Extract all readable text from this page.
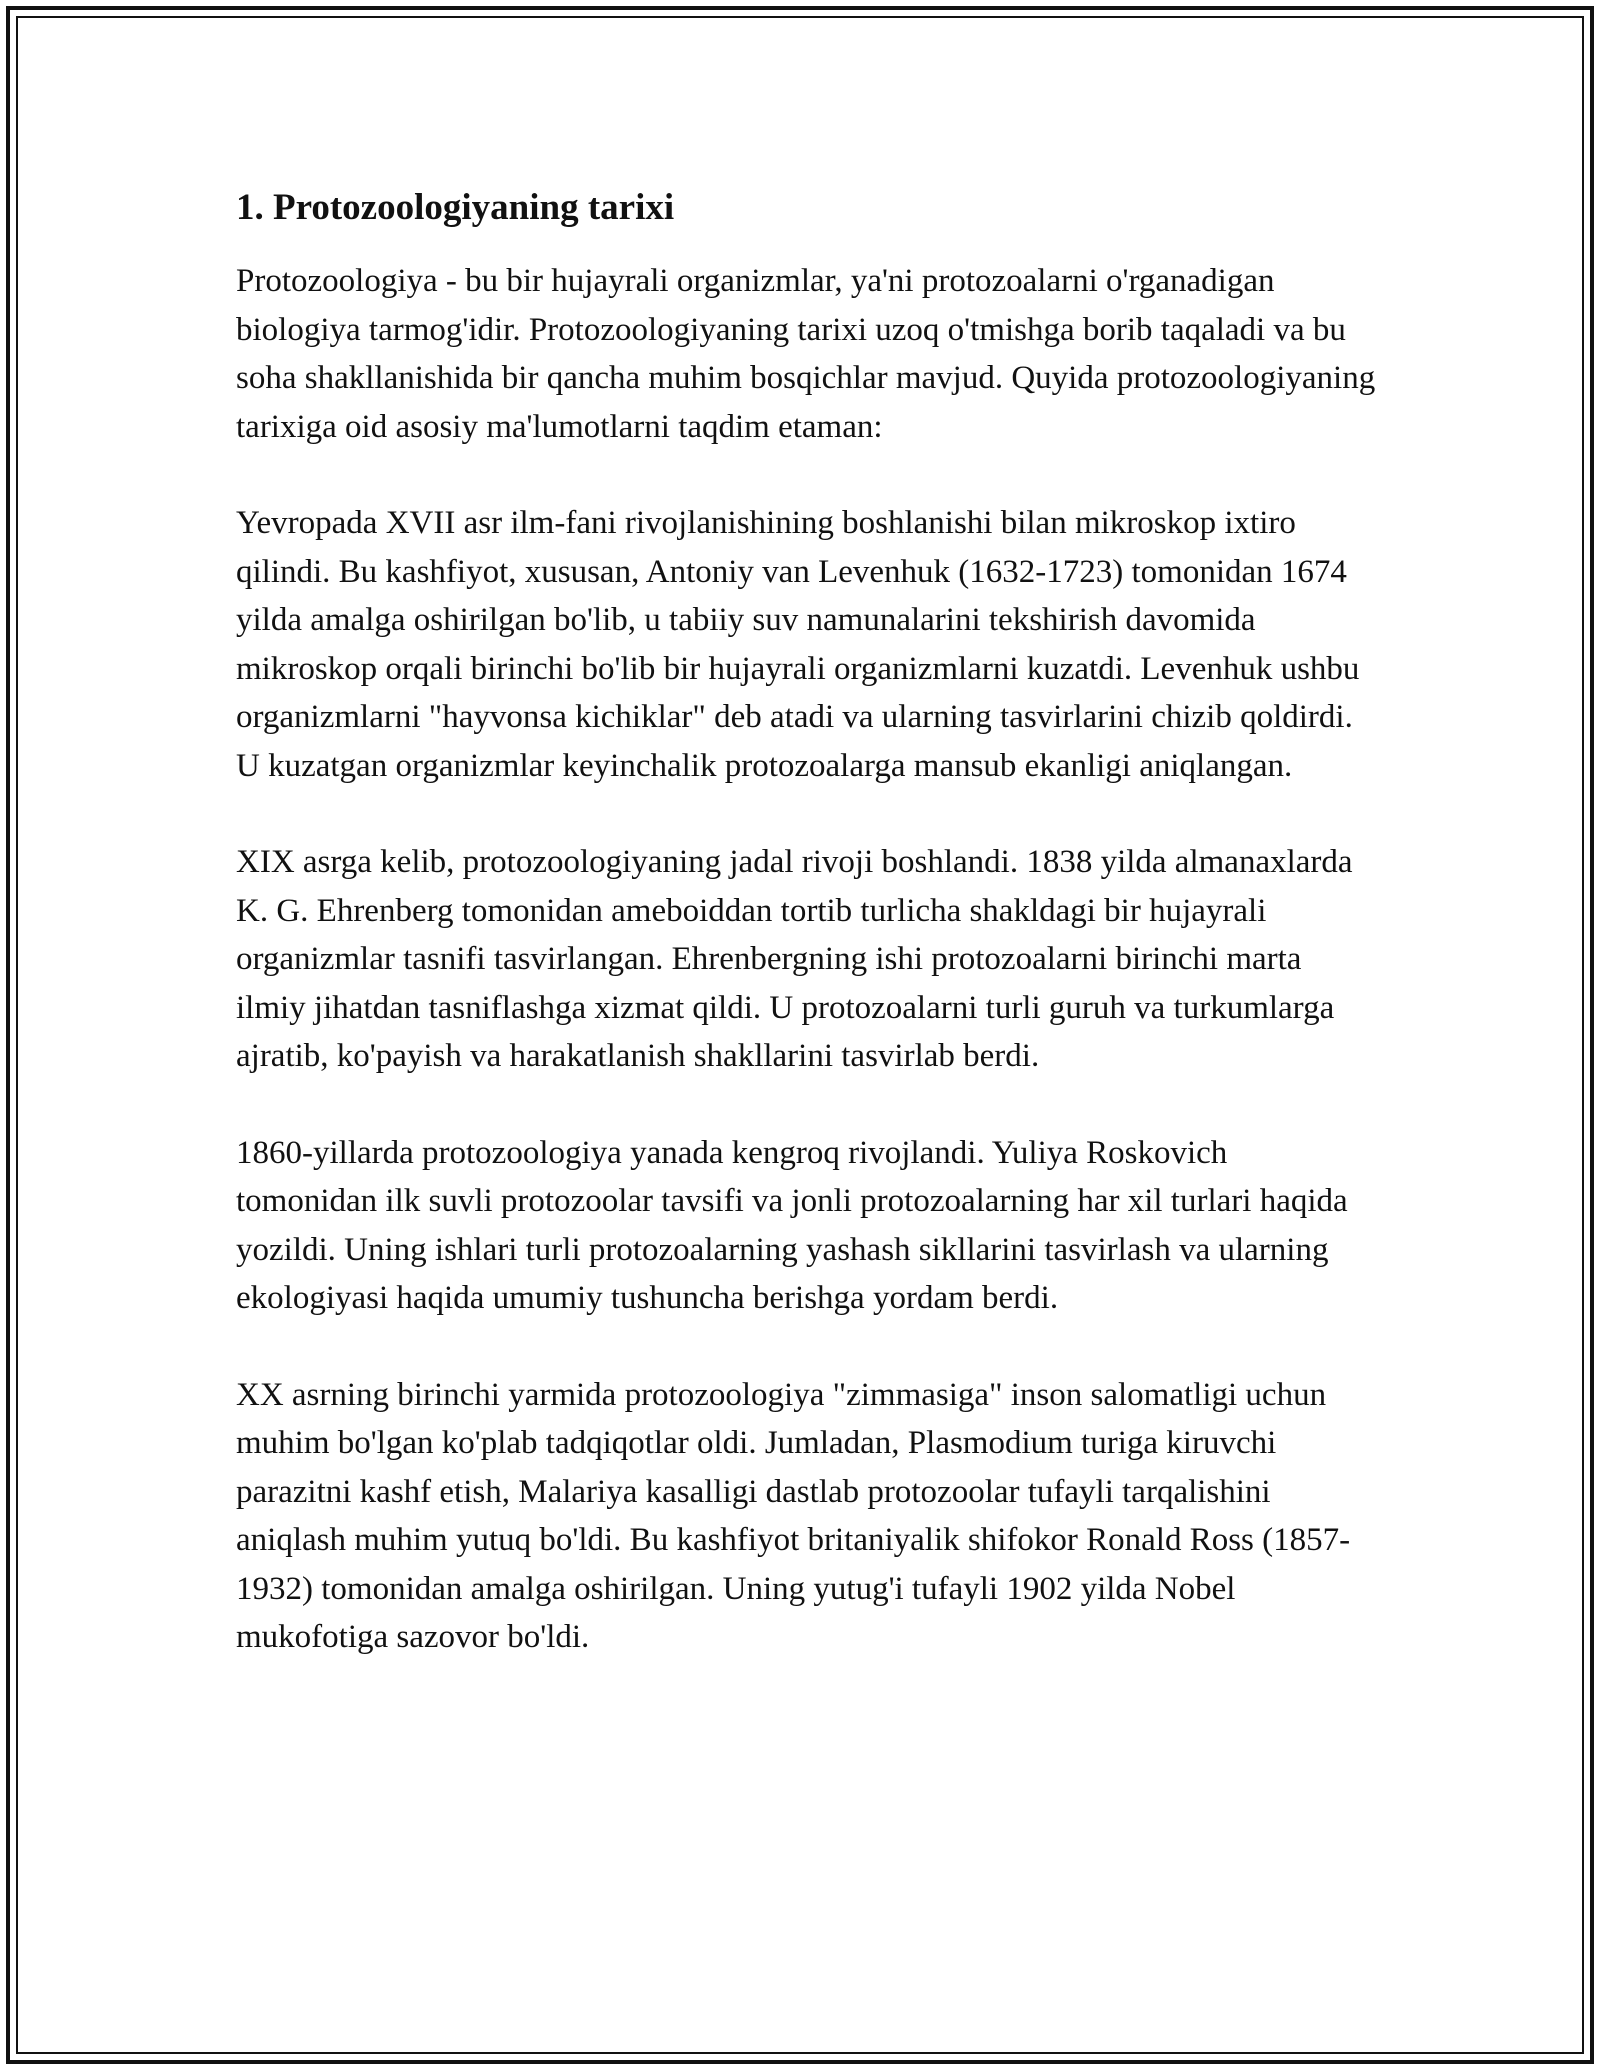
1. Protozoologiyaning tarixi

Protozoologiya - bu bir hujayrali organizmlar, ya'ni protozoalarni o'rganadigan biologiya tarmog'idir. Protozoologiyaning tarixi uzoq o'tmishga borib taqaladi va bu soha shakllanishida bir qancha muhim bosqichlar mavjud. Quyida protozoologiyaning tarixiga oid asosiy ma'lumotlarni taqdim etaman:

Yevropada XVII asr ilm-fani rivojlanishining boshlanishi bilan mikroskop ixtiro qilindi. Bu kashfiyot, xususan, Antoniy van Levenhuk (1632-1723) tomonidan 1674 yilda amalga oshirilgan bo'lib, u tabiiy suv namunalarini tekshirish davomida mikroskop orqali birinchi bo'lib bir hujayrali organizmlarni kuzatdi. Levenhuk ushbu organizmlarni "hayvonsa kichiklar" deb atadi va ularning tasvirlarini chizib qoldirdi. U kuzatgan organizmlar keyinchalik protozoalarga mansub ekanligi aniqlangan.

XIX asrga kelib, protozoologiyaning jadal rivoji boshlandi. 1838 yilda almanaxlarda K. G. Ehrenberg tomonidan ameboiddan tortib turlicha shakldagi bir hujayrali organizmlar tasnifi tasvirlangan. Ehrenbergning ishi protozoalarni birinchi marta ilmiy jihatdan tasniflashga xizmat qildi. U protozoalarni turli guruh va turkumlarga ajratib, ko'payish va harakatlanish shakllarini tasvirlab berdi.

1860-yillarda protozoologiya yanada kengroq rivojlandi. Yuliya Roskovich tomonidan ilk suvli protozoolar tavsifi va jonli protozoalarning har xil turlari haqida yozildi. Uning ishlari turli protozoalarning yashash sikllarini tasvirlash va ularning ekologiyasi haqida umumiy tushuncha berishga yordam berdi.

XX asrning birinchi yarmida protozoologiya "zimmasiga" inson salomatligi uchun muhim bo'lgan ko'plab tadqiqotlar oldi. Jumladan, Plasmodium turiga kiruvchi parazitni kashf etish, Malariya kasalligi dastlab protozoolar tufayli tarqalishini aniqlash muhim yutuq bo'ldi. Bu kashfiyot britaniyalik shifokor Ronald Ross (1857-1932) tomonidan amalga oshirilgan. Uning yutug'i tufayli 1902 yilda Nobel mukofotiga sazovor bo'ldi.
